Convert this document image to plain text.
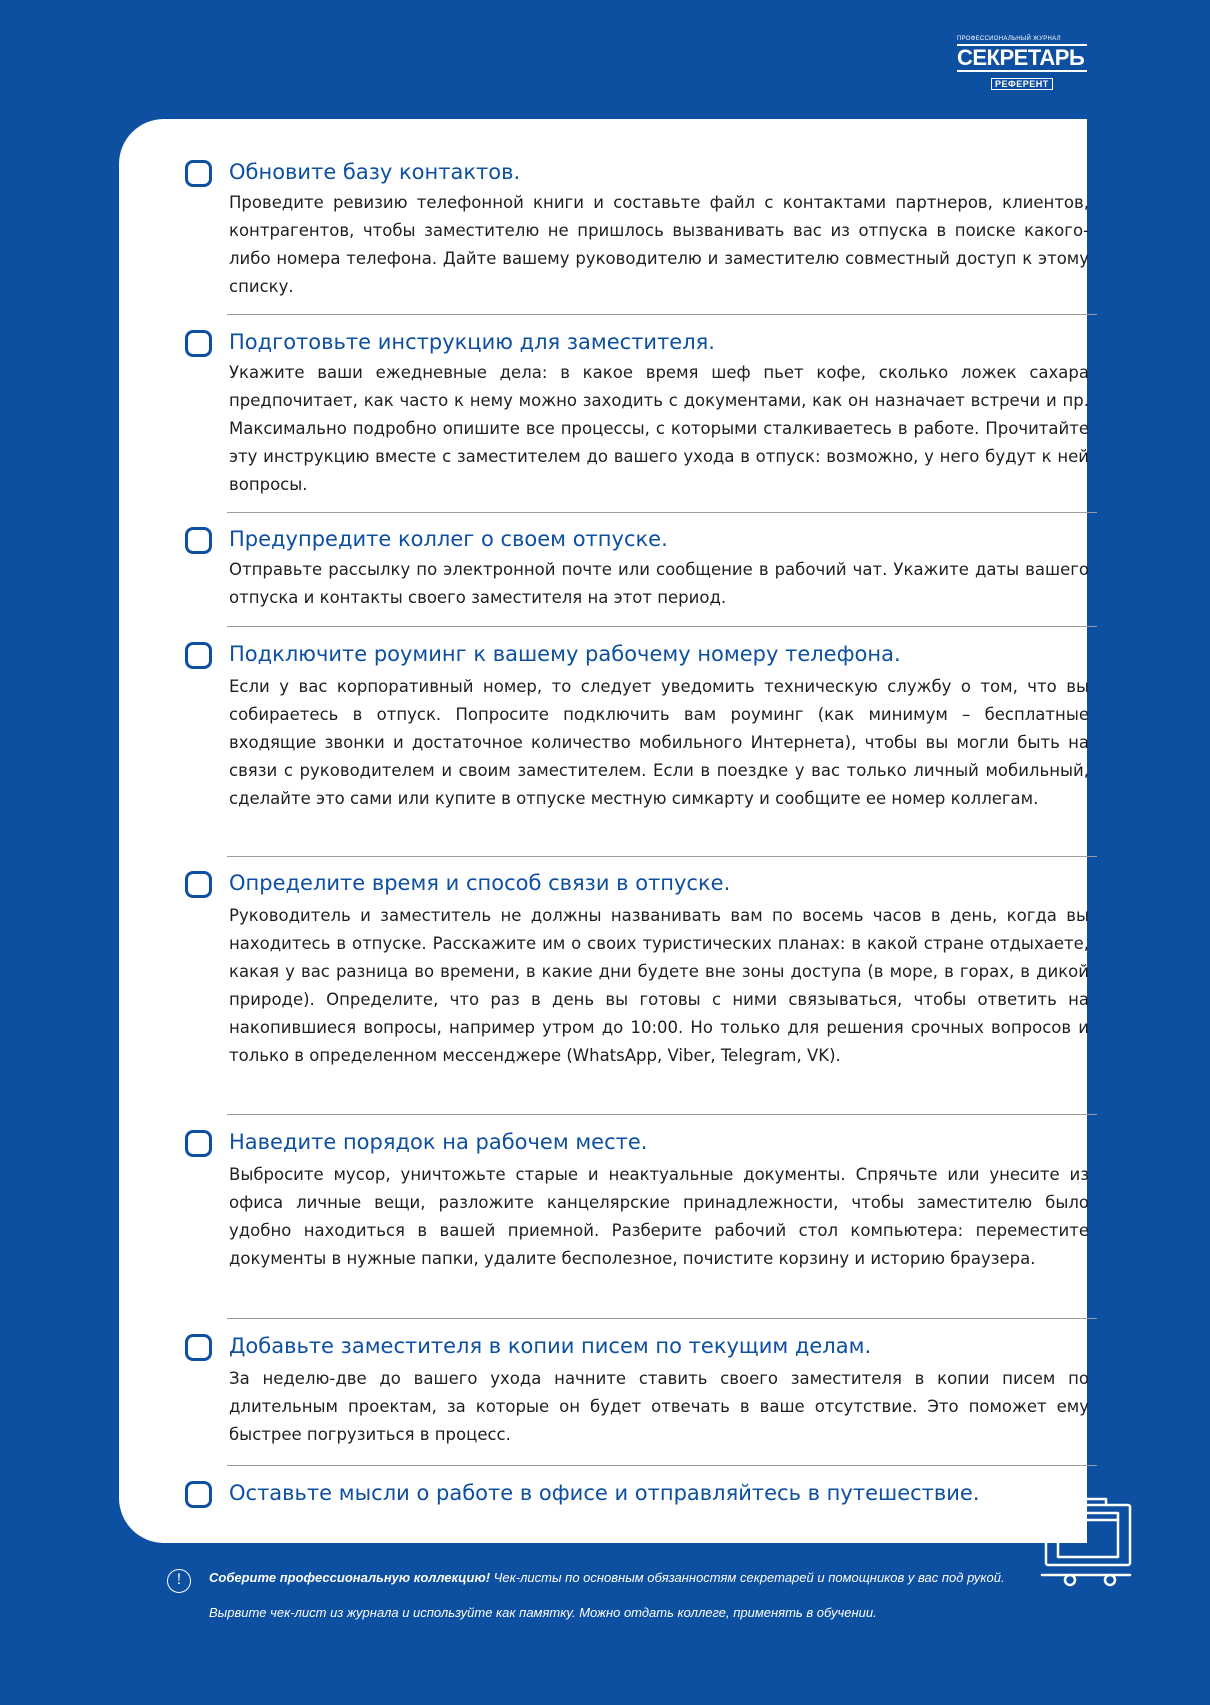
ПРОФЕССИОНАЛЬНЫЙ ЖУРНАЛ
СЕКРЕТАРЬ
РЕФЕРЕНТ
Обновите базу контактов.
Проведите ревизию телефонной книги и составьте файл с контактами партнеров, клиентов, контрагентов, чтобы заместителю не пришлось вызванивать вас из отпуска в поиске какого-либо номера телефона. Дайте вашему руководителю и заместителю совместный доступ к этому списку.
Подготовьте инструкцию для заместителя.
Укажите ваши ежедневные дела: в какое время шеф пьет кофе, сколько ложек сахара предпочитает, как часто к нему можно заходить с документами, как он назначает встречи и пр. Максимально подробно опишите все процессы, с которыми сталкиваетесь в работе. Прочитайте эту инструкцию вместе с заместителем до вашего ухода в отпуск: возможно, у него будут к ней вопросы.
Предупредите коллег о своем отпуске.
Отправьте рассылку по электронной почте или сообщение в рабочий чат. Укажите даты вашего отпуска и контакты своего заместителя на этот период.
Подключите роуминг к вашему рабочему номеру телефона.
Если у вас корпоративный номер, то следует уведомить техническую службу о том, что вы собираетесь в отпуск. Попросите подключить вам роуминг (как минимум – бесплатные входящие звонки и достаточное количество мобильного Интернета), чтобы вы могли быть на связи с руководителем и своим заместителем. Если в поездке у вас только личный мобильный, сделайте это сами или купите в отпуске местную симкарту и сообщите ее номер коллегам.
Определите время и способ связи в отпуске.
Руководитель и заместитель не должны названивать вам по восемь часов в день, когда вы находитесь в отпуске. Расскажите им о своих туристических планах: в какой стране отдыхаете, какая у вас разница во времени, в какие дни будете вне зоны доступа (в море, в горах, в дикой природе). Определите, что раз в день вы готовы с ними связываться, чтобы ответить на накопившиеся вопросы, например утром до 10:00. Но только для решения срочных вопросов и только в определенном мессенджере (WhatsApp, Viber, Telegram, VK).
Наведите порядок на рабочем месте.
Выбросите мусор, уничтожьте старые и неактуальные документы. Спрячьте или унесите из офиса личные вещи, разложите канцелярские принадлежности, чтобы заместителю было удобно находиться в вашей приемной. Разберите рабочий стол компьютера: переместите документы в нужные папки, удалите бесполезное, почистите корзину и историю браузера.
Добавьте заместителя в копии писем по текущим делам.
За неделю-две до вашего ухода начните ставить своего заместителя в копии писем по длительным проектам, за которые он будет отвечать в ваше отсутствие. Это поможет ему быстрее погрузиться в процесс.
Оставьте мысли о работе в офисе и отправляйтесь в путешествие.
!	Соберите профессиональную коллекцию! Чек-листы по основным обязанностям секретарей и помощников у вас под рукой.
Вырвите чек-лист из журнала и используйте как памятку. Можно отдать коллеге, применять в обучении.
